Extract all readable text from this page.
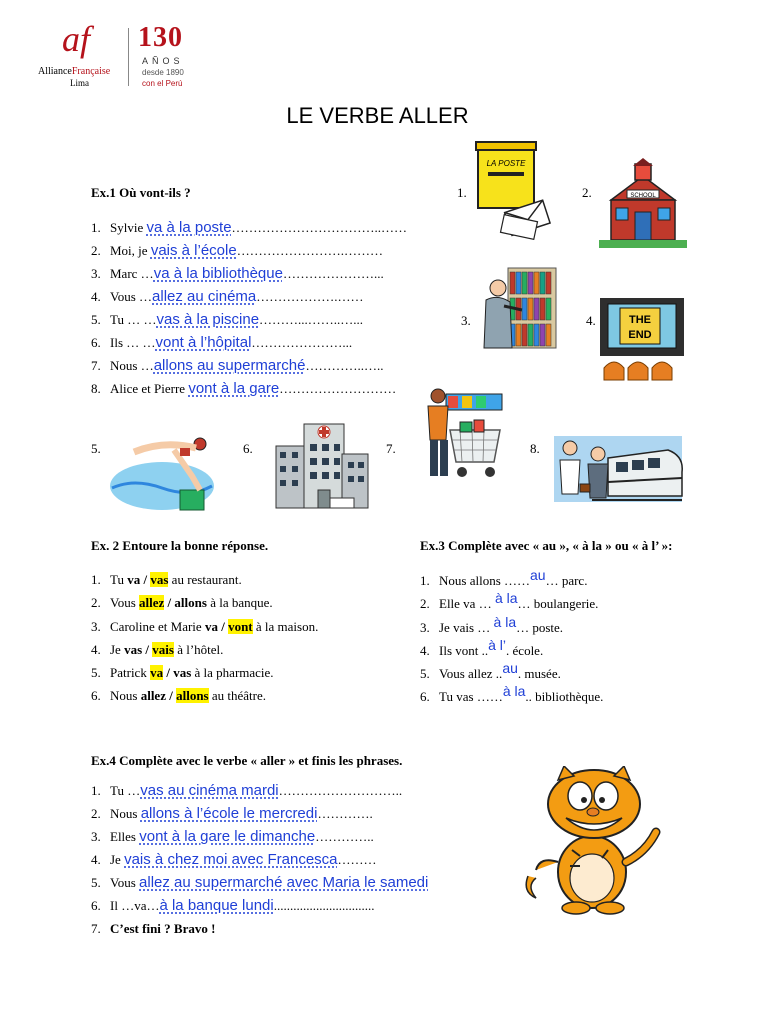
af
AllianceFrançaise
Lima
130
AÑOS
desde 1890
con el Perú
LE VERBE ALLER
Ex.1 Où vont-ils ?
1. Sylvie va à la poste……………………………..……
2. Moi, je vais à l’école…………………….………
3. Marc …va à la bibliothèque…………………...
4. Vous …allez au cinéma……………….……
5. Tu … …vas à la piscine………...……..…...
6. Ils … …vont à l’hôpital…………………...
7. Nous …allons au supermarché…………..…..
8. Alice et Pierre vont à la gare………………………
1.
LA POSTE
2.	SCHOOL
3.	4.	THE
END
5.	6.	7.	8.
Ex. 2 Entoure la bonne réponse.
1. Tu va / vas au restaurant.
2. Vous allez / allons à la banque.
3. Caroline et Marie va / vont à la maison.
4. Je vas / vais à l’hôtel.
5. Patrick va / vas à la pharmacie.
6. Nous allez / allons au théâtre.
Ex.3 Complète avec « au », « à la » ou « à l’ »:
1. Nous allons ……au… parc.
2. Elle va … à la… boulangerie.
3. Je vais … à la… poste.
4. Ils vont ..à l’. école.
5. Vous allez ..au. musée.
6. Tu vas ……à la.. bibliothèque.
Ex.4 Complète avec le verbe « aller » et finis les phrases.
1. Tu …vas au cinéma mardi………………………..
2. Nous allons à l’école le mercredi………….
3. Elles vont à la gare le dimanche…………..
4. Je vais à chez moi avec Francesca………
5. Vous allez au supermarché avec Maria le samedi
6. Il …va…à la banque lundi...............................
7. C’est fini ? Bravo !
